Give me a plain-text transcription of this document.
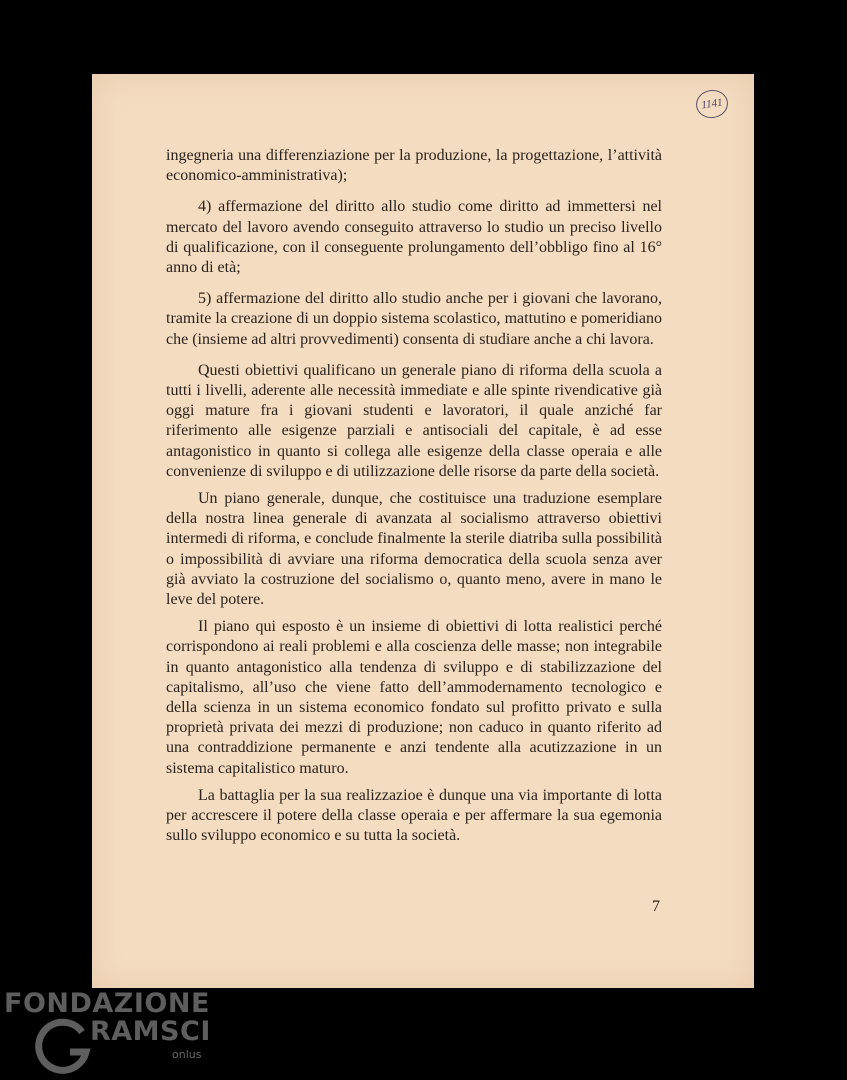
1141

ingegneria una differenziazione per la produzione, la progettazione, l’attività economico-amministrativa);

4) affermazione del diritto allo studio come diritto ad immettersi nel mercato del lavoro avendo conseguito attraverso lo studio un preciso livello di qualificazione, con il conseguente prolungamento dell’obbligo fino al 16° anno di età;

5) affermazione del diritto allo studio anche per i giovani che lavorano, tramite la creazione di un doppio sistema scolastico, mattutino e pomeridiano che (insieme ad altri provvedimenti) consenta di studiare anche a chi lavora.

Questi obiettivi qualificano un generale piano di riforma della scuola a tutti i livelli, aderente alle necessità immediate e alle spinte rivendicative già oggi mature fra i giovani studenti e lavoratori, il quale anziché far riferimento alle esigenze parziali e antisociali del capitale, è ad esse antagonistico in quanto si collega alle esigenze della classe operaia e alle convenienze di sviluppo e di utilizzazione delle risorse da parte della società.

Un piano generale, dunque, che costituisce una traduzione esemplare della nostra linea generale di avanzata al socialismo attraverso obiettivi intermedi di riforma, e conclude finalmente la sterile diatriba sulla possibilità o impossibilità di avviare una riforma democratica della scuola senza aver già avviato la costruzione del socialismo o, quanto meno, avere in mano le leve del potere.

Il piano qui esposto è un insieme di obiettivi di lotta realistici perché corrispondono ai reali problemi e alla coscienza delle masse; non integrabile in quanto antagonistico alla tendenza di sviluppo e di stabilizzazione del capitalismo, all’uso che viene fatto dell’ammodernamento tecnologico e della scienza in un sistema economico fondato sul profitto privato e sulla proprietà privata dei mezzi di produzione; non caduco in quanto riferito ad una contraddizione permanente e anzi tendente alla acutizzazione in un sistema capitalistico maturo.

La battaglia per la sua realizzazioe è dunque una via importante di lotta per accrescere il potere della classe operaia e per affermare la sua egemonia sullo sviluppo economico e su tutta la società.

7
FONDAZIONE
G
RAMSCI
onlus
